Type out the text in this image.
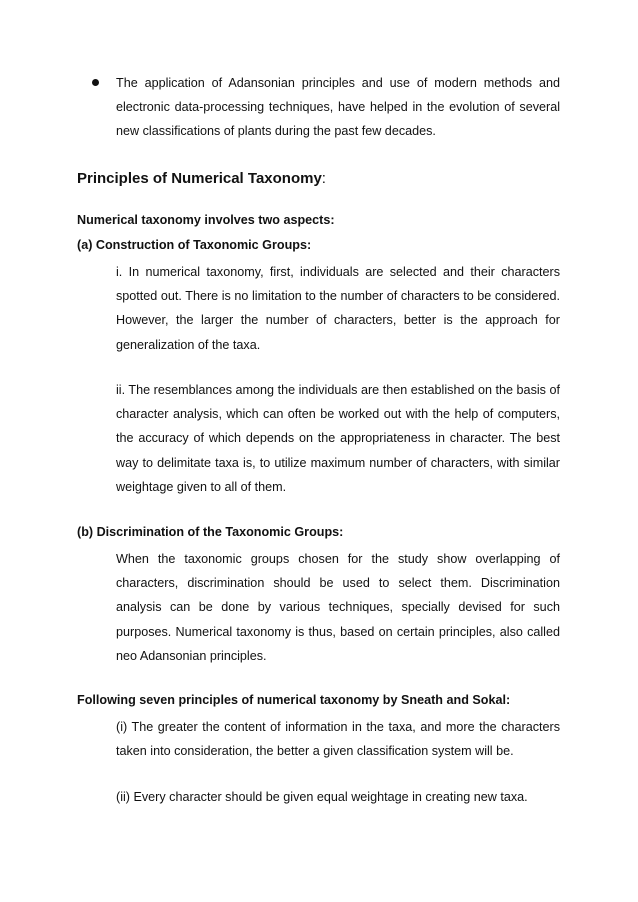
The application of Adansonian principles and use of modern methods and electronic data-processing techniques, have helped in the evolution of several new classifications of plants during the past few decades.

Principles of Numerical Taxonomy:

Numerical taxonomy involves two aspects:

(a) Construction of Taxonomic Groups:

i. In numerical taxonomy, first, individuals are selected and their characters spotted out. There is no limitation to the number of characters to be considered. However, the larger the number of characters, better is the approach for generalization of the taxa.

ii. The resemblances among the individuals are then established on the basis of character analysis, which can often be worked out with the help of computers, the accuracy of which depends on the appropriateness in character. The best way to delimitate taxa is, to utilize maximum number of characters, with similar weightage given to all of them.

(b) Discrimination of the Taxonomic Groups:

When the taxonomic groups chosen for the study show overlapping of characters, discrimination should be used to select them. Discrimination analysis can be done by various techniques, specially devised for such purposes. Numerical taxonomy is thus, based on certain principles, also called neo Adansonian principles.

Following seven principles of numerical taxonomy by Sneath and Sokal:

(i) The greater the content of information in the taxa, and more the characters taken into consideration, the better a given classification system will be.

(ii) Every character should be given equal weightage in creating new taxa.
